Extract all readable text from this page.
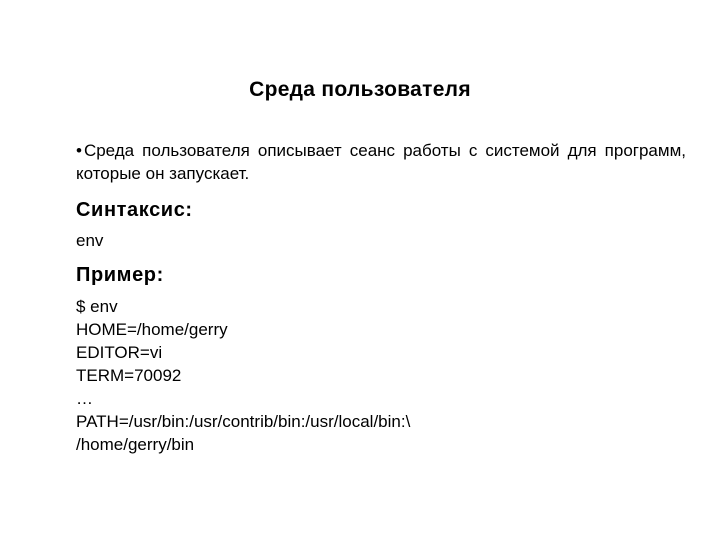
Среда пользователя

• Среда пользователя описывает сеанс работы с системой для программ, которые он запускает.

Синтаксис:

env

Пример:

$ env

HOME=/home/gerry

EDITOR=vi

TERM=70092

…

PATH=/usr/bin:/usr/contrib/bin:/usr/local/bin:\

/home/gerry/bin
